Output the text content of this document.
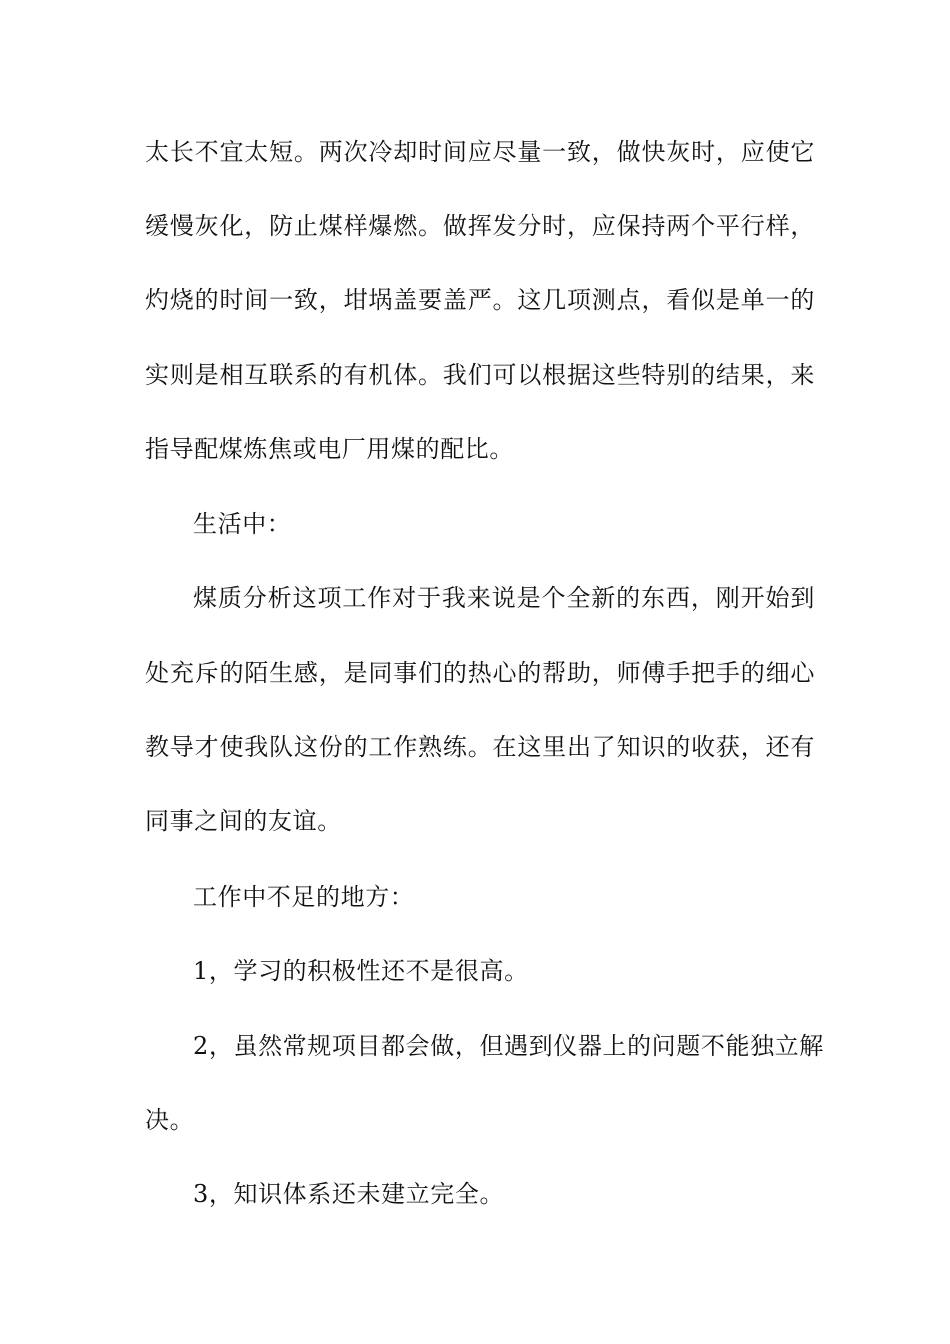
太长不宜太短。两次冷却时间应尽量一致，做快灰时，应使它
缓慢灰化，防止煤样爆燃。做挥发分时，应保持两个平行样，
灼烧的时间一致，坩埚盖要盖严。这几项测点，看似是单一的
实则是相互联系的有机体。我们可以根据这些特别的结果，来
指导配煤炼焦或电厂用煤的配比。
生活中：
煤质分析这项工作对于我来说是个全新的东西，刚开始到
处充斥的陌生感，是同事们的热心的帮助，师傅手把手的细心
教导才使我队这份的工作熟练。在这里出了知识的收获，还有
同事之间的友谊。
工作中不足的地方：
1，学习的积极性还不是很高。
2，虽然常规项目都会做，但遇到仪器上的问题不能独立解
决。
3，知识体系还未建立完全。
